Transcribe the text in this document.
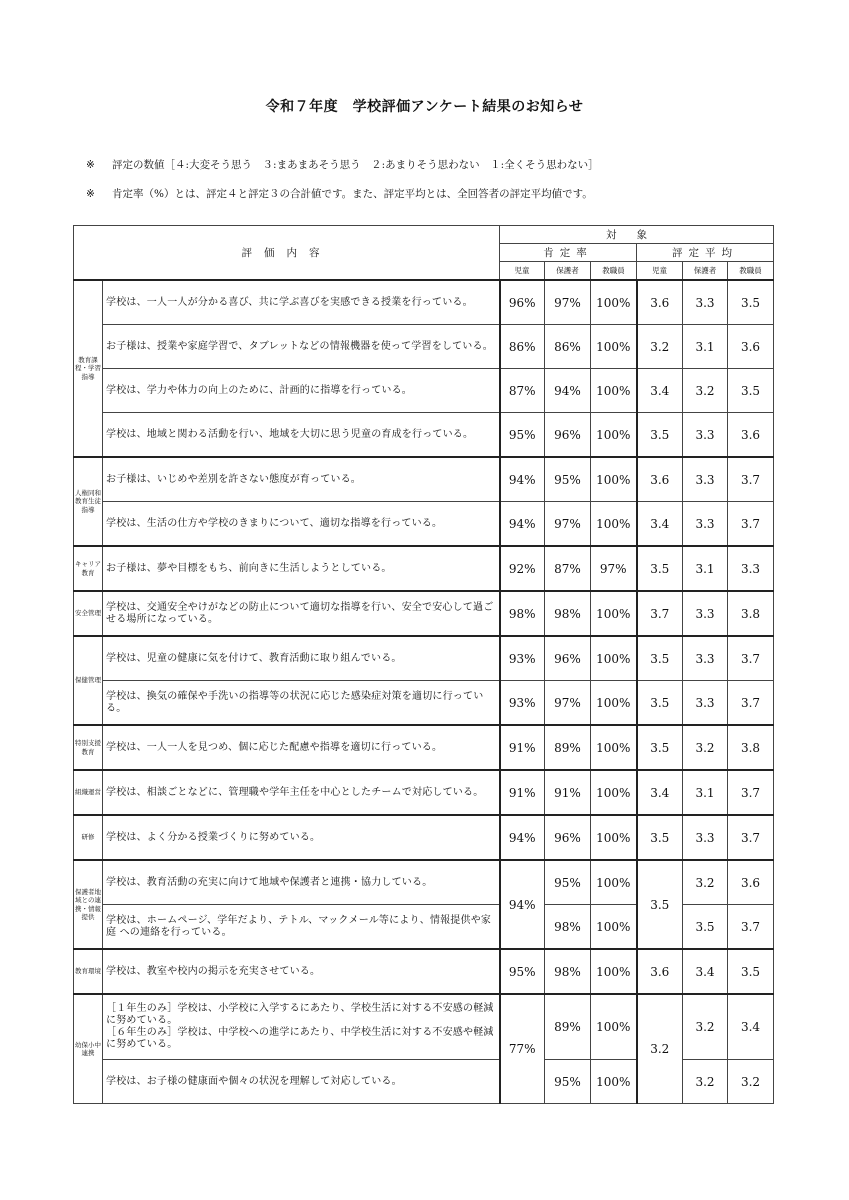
令和７年度　学校評価アンケート結果のお知らせ
※ 評定の数値［４:大変そう思う　３:まあまあそう思う　２:あまりそう思わない　１:全くそう思わない］
※ 肯定率（%）とは、評定４と評定３の合計値です。また、評定平均とは、全回答者の評定平均値です。
評価内容		対象					
		肯定率			評定平均		
		児童	保護者	教職員	児童	保護者	教職員
教育課程・学習指導	学校は、一人一人が分かる喜び、共に学ぶ喜びを実感できる授業を行っている。	96%	97%	100%	3.6	3.3	3.5
	お子様は、授業や家庭学習で、タブレットなどの情報機器を使って学習をしている。	86%	86%	100%	3.2	3.1	3.6
	学校は、学力や体力の向上のために、計画的に指導を行っている。	87%	94%	100%	3.4	3.2	3.5
	学校は、地域と関わる活動を行い、地域を大切に思う児童の育成を行っている。	95%	96%	100%	3.5	3.3	3.6
人権同和教育生徒指導	お子様は、いじめや差別を許さない態度が育っている。	94%	95%	100%	3.6	3.3	3.7
	学校は、生活の仕方や学校のきまりについて、適切な指導を行っている。	94%	97%	100%	3.4	3.3	3.7
キャリア教育	お子様は、夢や目標をもち、前向きに生活しようとしている。	92%	87%	97%	3.5	3.1	3.3
安全管理	学校は、交通安全やけがなどの防止について適切な指導を行い、安全で安心して過ごせる場所になっている。	98%	98%	100%	3.7	3.3	3.8
保健管理	学校は、児童の健康に気を付けて、教育活動に取り組んでいる。	93%	96%	100%	3.5	3.3	3.7
	学校は、換気の確保や手洗いの指導等の状況に応じた感染症対策を適切に行っている。	93%	97%	100%	3.5	3.3	3.7
特別支援教育	学校は、一人一人を見つめ、個に応じた配慮や指導を適切に行っている。	91%	89%	100%	3.5	3.2	3.8
組織運営	学校は、相談ごとなどに、管理職や学年主任を中心としたチームで対応している。	91%	91%	100%	3.4	3.1	3.7
研修	学校は、よく分かる授業づくりに努めている。	94%	96%	100%	3.5	3.3	3.7
保護者地域との連携・情報提供	学校は、教育活動の充実に向けて地域や保護者と連携・協力している。	94%	95%	100%	3.5	3.2	3.6
	学校は、ホームページ、学年だより、テトル、マックメール等により、情報提供や家庭 への連絡を行っている。		98%	100%		3.5	3.7
教育環境	学校は、教室や校内の掲示を充実させている。	95%	98%	100%	3.6	3.4	3.5
幼保小中連携	［１年生のみ］学校は、小学校に入学するにあたり、学校生活に対する不安感の軽減に努めている。
［６年生のみ］学校は、中学校への進学にあたり、中学校生活に対する不安感や軽減に努めている。	77%	89%	100%	3.2	3.2	3.4
	学校は、お子様の健康面や個々の状況を理解して対応している。		95%	100%		3.2	3.2
